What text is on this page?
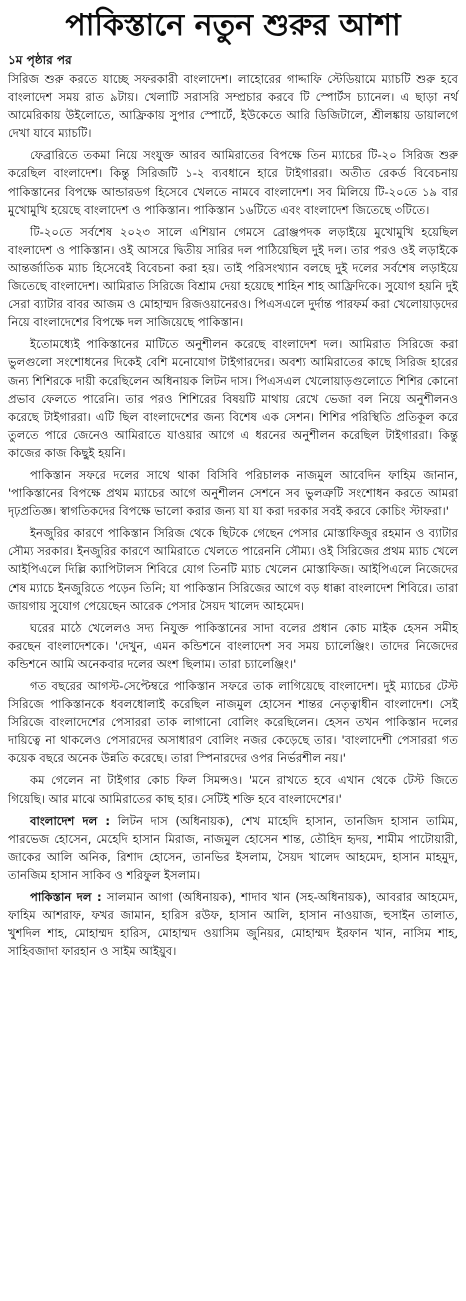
পাকিস্তানে নতুন শুরুর আশা
১ম পৃষ্ঠার পর

সিরিজ শুরু করতে যাচ্ছে সফরকারী বাংলাদেশ। লাহোরের গাদ্দাফি স্টেডিয়ামে ম্যাচটি শুরু হবে বাংলাদেশ সময় রাত ৯টায়। খেলাটি সরাসরি সম্প্রচার করবে টি স্পোর্টস চ্যানেল। এ ছাড়া নর্থ আমেরিকায় উইলোতে, আফ্রিকায় সুপার স্পোর্টে, ইউকেতে আরি ডিজিটালে, শ্রীলঙ্কায় ডায়ালগে দেখা যাবে ম্যাচটি।

ফেব্রারিতে তকমা নিয়ে সংযুক্ত আরব আমিরাতের বিপক্ষে তিন ম্যাচের টি-২০ সিরিজ শুরু করেছিল বাংলাদেশ। কিন্তু সিরিজটি ১-২ ব্যবধানে হারে টাইগাররা। অতীত রেকর্ড বিবেচনায় পাকিস্তানের বিপক্ষে আন্ডারডগ হিসেবে খেলতে নামবে বাংলাদেশ। সব মিলিয়ে টি-২০তে ১৯ বার মুখোমুখি হয়েছে বাংলাদেশ ও পাকিস্তান। পাকিস্তান ১৬টিতে এবং বাংলাদেশ জিতেছে ৩টিতে।

টি-২০তে সর্বশেষ ২০২৩ সালে এশিয়ান গেমসে ব্রোঞ্জপদক লড়াইয়ে মুখোমুখি হয়েছিল বাংলাদেশ ও পাকিস্তান। ওই আসরে দ্বিতীয় সারির দল পাঠিয়েছিল দুই দল। তার পরও ওই লড়াইকে আন্তর্জাতিক ম্যাচ হিসেবেই বিবেচনা করা হয়। তাই পরিসংখ্যান বলছে দুই দলের সর্বশেষ লড়াইয়ে জিতেছে বাংলাদেশ। আমিরাত সিরিজে বিশ্রাম দেয়া হয়েছে শাহিন শাহ আফ্রিদিকে। সুযোগ হয়নি দুই সেরা ব্যাটার বাবর আজম ও মোহাম্মদ রিজওয়ানেরও। পিএসএলে দুর্দান্ত পারফর্ম করা খেলোয়াড়দের নিয়ে বাংলাদেশের বিপক্ষে দল সাজিয়েছে পাকিস্তান।

ইতোমধ্যেই পাকিস্তানের মাটিতে অনুশীলন করেছে বাংলাদেশ দল। আমিরাত সিরিজে করা ভুলগুলো সংশোধনের দিকেই বেশি মনোযোগ টাইগারদের। অবশ্য আমিরাতের কাছে সিরিজ হারের জন্য শিশিরকে দায়ী করেছিলেন অধিনায়ক লিটন দাস। পিএসএল খেলোয়াড়গুলোতে শিশির কোনো প্রভাব ফেলতে পারেনি। তার পরও শিশিরের বিষয়টি মাথায় রেখে ভেজা বল নিয়ে অনুশীলনও করেছে টাইগাররা। এটি ছিল বাংলাদেশের জন্য বিশেষ এক সেশন। শিশির পরিস্থিতি প্রতিকূল করে তুলতে পারে জেনেও আমিরাতে যাওয়ার আগে এ ধরনের অনুশীলন করেছিল টাইগাররা। কিন্তু কাজের কাজ কিছুই হয়নি।

পাকিস্তান সফরে দলের সাথে থাকা বিসিবি পরিচালক নাজমুল আবেদিন ফাহিম জানান, 'পাকিস্তানের বিপক্ষে প্রথম ম্যাচের আগে অনুশীলন সেশনে সব ভুলত্রুটি সংশোধন করতে আমরা দৃঢ়প্রতিজ্ঞ। স্বাগতিকদের বিপক্ষে ভালো করার জন্য যা যা করা দরকার সবই করবে কোচিং স্টাফরা।'

ইনজুরির কারণে পাকিস্তান সিরিজ থেকে ছিটকে গেছেন পেসার মোস্তাফিজুর রহমান ও ব্যাটার সৌম্য সরকার। ইনজুরির কারণে আমিরাতে খেলতে পারেননি সৌম্য। ওই সিরিজের প্রথম ম্যাচ খেলে আইপিএলে দিল্লি ক্যাপিটালস শিবিরে যোগ তিনটি ম্যাচ খেলেন মোস্তাফিজ। আইপিএলে নিজেদের শেষ ম্যাচে ইনজুরিতে পড়েন তিনি; যা পাকিস্তান সিরিজের আগে বড় ধাক্কা বাংলাদেশ শিবিরে। তারা জায়গায় সুযোগ পেয়েছেন আরেক পেসার সৈয়দ খালেদ আহমেদ।

ঘরের মাঠে খেলেলও সদ্য নিযুক্ত পাকিস্তানের সাদা বলের প্রধান কোচ মাইক হেসন সমীহ করছেন বাংলাদেশকে। 'দেখুন, এমন কন্ডিশনে বাংলাদেশ সব সময় চ্যালেঞ্জিং। তাদের নিজেদের কন্ডিশনে আমি অনেকবার দলের অংশ ছিলাম। তারা চ্যালেঞ্জিং।'

গত বছরের আগস্ট-সেপ্টেম্বরে পাকিস্তান সফরে তাক লাগিয়েছে বাংলাদেশ। দুই ম্যাচের টেস্ট সিরিজে পাকিস্তানকে ধবলধোলাই করেছিল নাজমুল হোসেন শান্তর নেতৃত্বাধীন বাংলাদেশ। সেই সিরিজে বাংলাদেশের পেসাররা তাক লাগানো বোলিং করেছিলেন। হেসন তখন পাকিস্তান দলের দায়িত্বে না থাকলেও পেসারদের অসাধারণ বোলিং নজর কেড়েছে তার। 'বাংলাদেশী পেসাররা গত কয়েক বছরে অনেক উন্নতি করেছে। তারা স্পিনারদের ওপর নির্ভরশীল নয়।'

কম গেলেন না টাইগার কোচ ফিল সিমন্সও। 'মনে রাখতে হবে এখান থেকে টেস্ট জিতে গিয়েছি। আর মাঝে আমিরাতের কাছ হার। সেটিই শক্তি হবে বাংলাদেশের।'

বাংলাদেশ দল : লিটন দাস (অধিনায়ক), শেখ মাহেদি হাসান, তানজিদ হাসান তামিম, পারভেজ হোসেন, মেহেদি হাসান মিরাজ, নাজমুল হোসেন শান্ত, তৌহিদ হৃদয়, শামীম পাটোয়ারী, জাকের আলি অনিক, রিশাদ হোসেন, তানভির ইসলাম, সৈয়দ খালেদ আহমেদ, হাসান মাহমুদ, তানজিম হাসান সাকিব ও শরিফুল ইসলাম।

পাকিস্তান দল : সালমান আগা (অধিনায়ক), শাদাব খান (সহ-অধিনায়ক), আবরার আহমেদ, ফাহিম আশরাফ, ফখর জামান, হারিস রউফ, হাসান আলি, হাসান নাওয়াজ, হুসাইন তালাত, খুশদিল শাহ, মোহাম্মদ হারিস, মোহাম্মদ ওয়াসিম জুনিয়র, মোহাম্মদ ইরফান খান, নাসিম শাহ, সাহিবজাদা ফারহান ও সাইম আইয়ুব।
